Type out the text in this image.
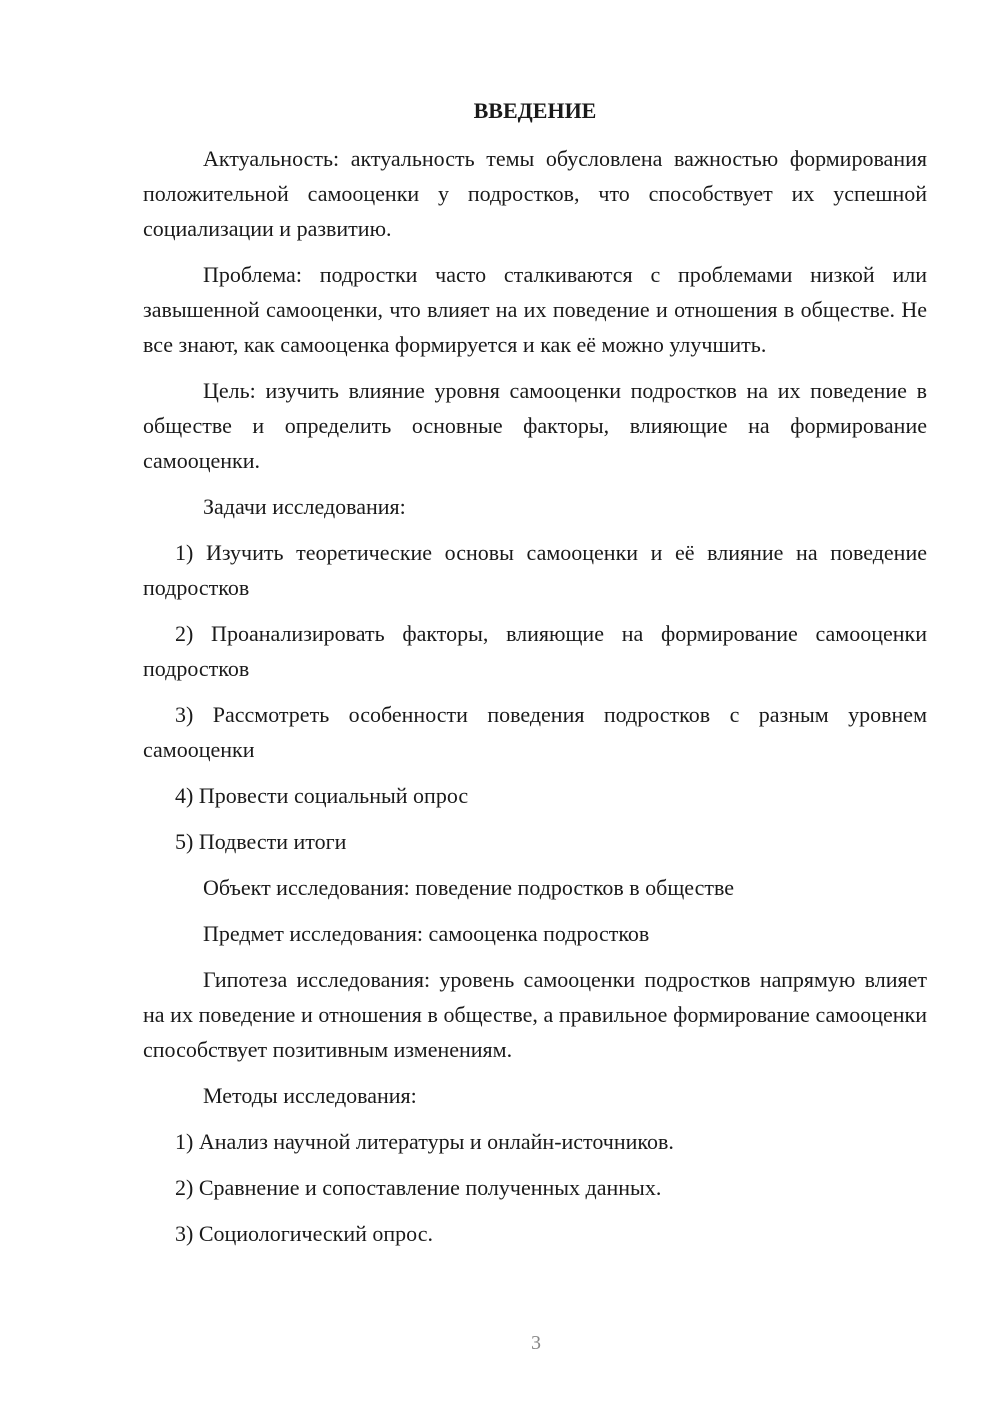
ВВЕДЕНИЕ

Актуальность: актуальность темы обусловлена важностью формирования положительной самооценки у подростков, что способствует их успешной социализации и развитию.

Проблема: подростки часто сталкиваются с проблемами низкой или завышенной самооценки, что влияет на их поведение и отношения в обществе. Не все знают, как самооценка формируется и как её можно улучшить.

Цель: изучить влияние уровня самооценки подростков на их поведение в обществе и определить основные факторы, влияющие на формирование самооценки.

Задачи исследования:

1) Изучить теоретические основы самооценки и её влияние на поведение подростков

2) Проанализировать факторы, влияющие на формирование самооценки подростков

3) Рассмотреть особенности поведения подростков с разным уровнем самооценки

4) Провести социальный опрос

5) Подвести итоги

Объект исследования: поведение подростков в обществе

Предмет исследования: самооценка подростков

Гипотеза исследования: уровень самооценки подростков напрямую влияет на их поведение и отношения в обществе, а правильное формирование самооценки способствует позитивным изменениям.

Методы исследования:

1) Анализ научной литературы и онлайн-источников.

2) Сравнение и сопоставление полученных данных.

3) Социологический опрос.

3
